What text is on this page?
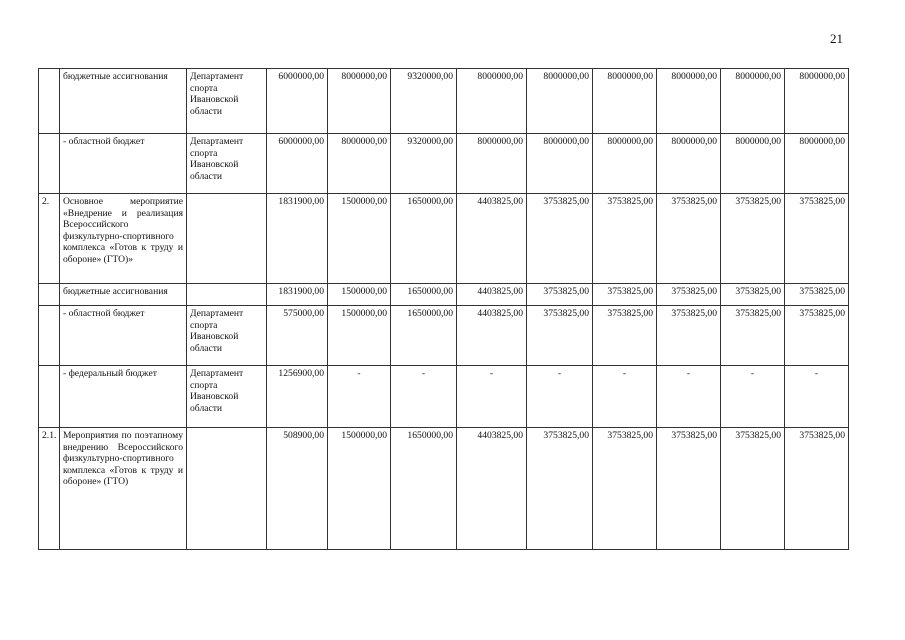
21
	бюджетные ассигнования	Департамент спорта Ивановской области	6000000,00	8000000,00	9320000,00	8000000,00	8000000,00	8000000,00	8000000,00	8000000,00	8000000,00
	- областной бюджет	Департамент спорта Ивановской области	6000000,00	8000000,00	9320000,00	8000000,00	8000000,00	8000000,00	8000000,00	8000000,00	8000000,00
2.	Основное мероприятие «Внедрение и реализация Всероссийского физкультурно-спортивного комплекса «Готов к труду и обороне» (ГТО)»		1831900,00	1500000,00	1650000,00	4403825,00	3753825,00	3753825,00	3753825,00	3753825,00	3753825,00
	бюджетные ассигнования		1831900,00	1500000,00	1650000,00	4403825,00	3753825,00	3753825,00	3753825,00	3753825,00	3753825,00
	- областной бюджет	Департамент спорта Ивановской области	575000,00	1500000,00	1650000,00	4403825,00	3753825,00	3753825,00	3753825,00	3753825,00	3753825,00
	- федеральный бюджет	Департамент спорта Ивановской области	1256900,00	-	-	-	-	-	-	-	-
2.1.	Мероприятия по поэтапному внедрению Всероссийского физкультурно-спортивного комплекса «Готов к труду и обороне» (ГТО)		508900,00	1500000,00	1650000,00	4403825,00	3753825,00	3753825,00	3753825,00	3753825,00	3753825,00
